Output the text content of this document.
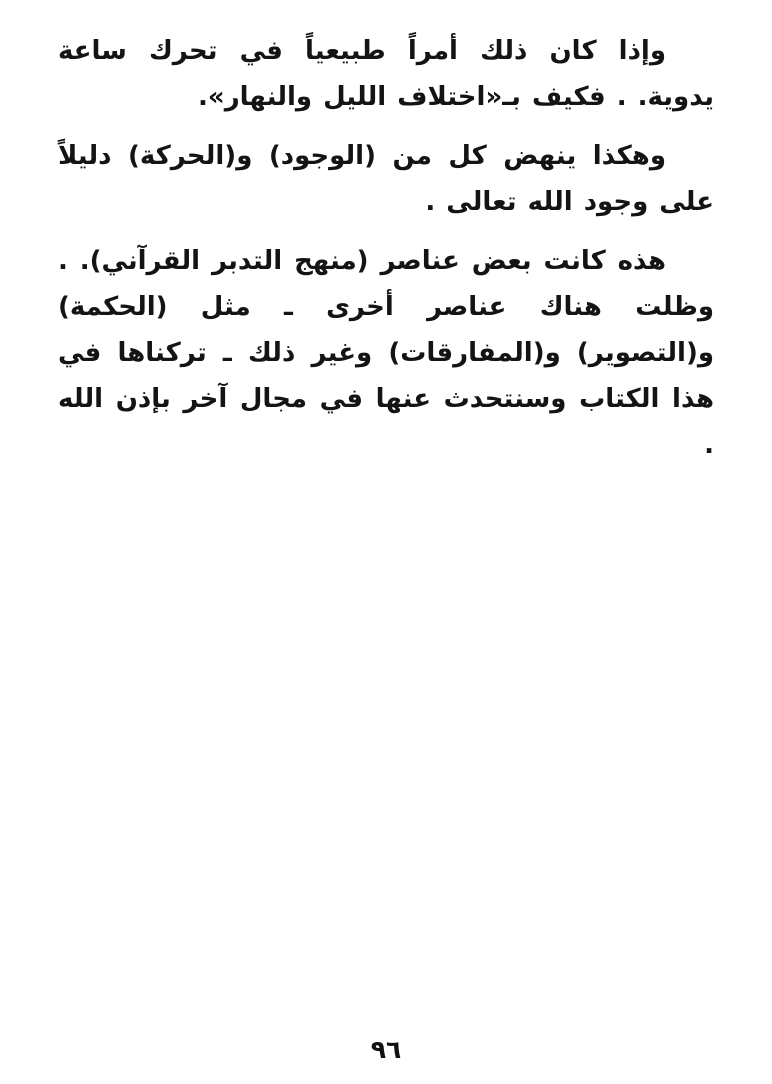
وإذا كان ذلك أمراً طبيعياً في تحرك ساعة يدوية. . فكيف بـ«اختلاف الليل والنهار».

وهكذا ينهض كل من (الوجود) و(الحركة) دليلاً على وجود الله تعالى .

هذه كانت بعض عناصر (منهج التدبر القرآني). . وظلت هناك عناصر أخرى ـ مثل (الحكمة) و(التصوير) و(المفارقات) وغير ذلك ـ تركناها في هذا الكتاب وسنتحدث عنها في مجال آخر بإذن الله .

٩٦
